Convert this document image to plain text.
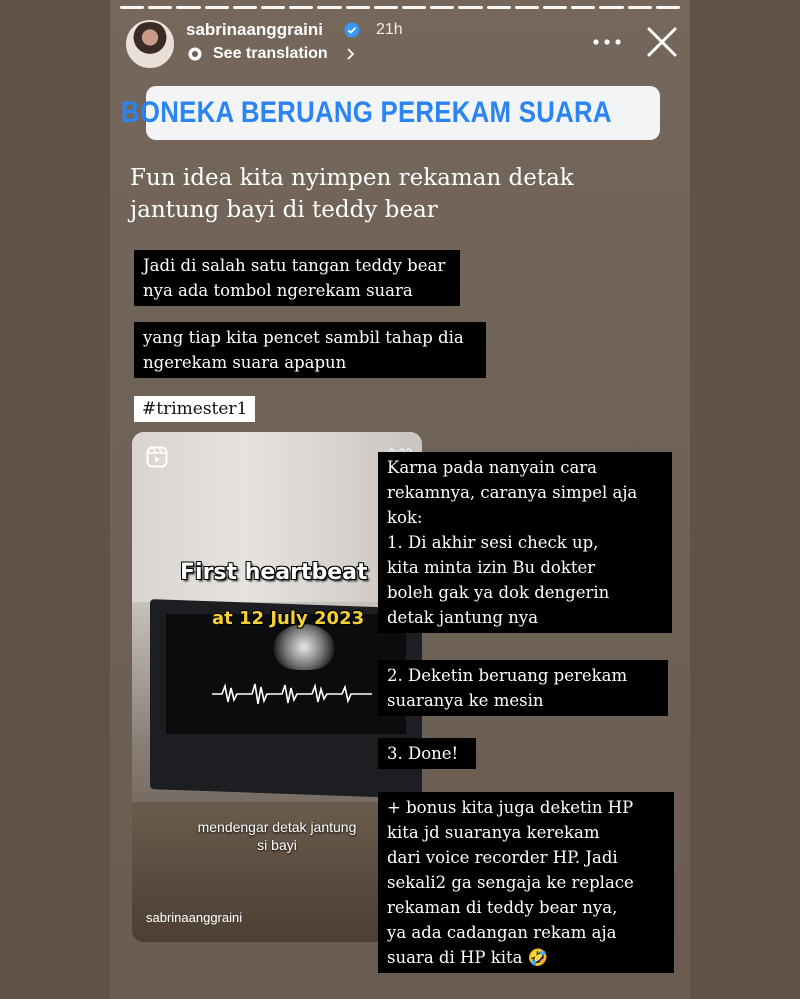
sabrinaanggraini	21h
See translation
BONEKA BERUANG PEREKAM SUARA
Fun idea kita nyimpen rekaman detak
jantung bayi di teddy bear

Jadi di salah satu tangan teddy bear

nya ada tombol ngerekam suara

yang tiap kita pencet sambil tahap dia

ngerekam suara apapun

#trimester1
First heartbeat
at 12 July 2023
mendengar detak jantung
si bayi
sabrinaanggraini

Karna pada nanyain cara

rekamnya, caranya simpel aja

kok:

1. Di akhir sesi check up,

kita minta izin Bu dokter

boleh gak ya dok dengerin

detak jantung nya

2. Deketin beruang perekam

suaranya ke mesin

3. Done!

+ bonus kita juga deketin HP

kita jd suaranya kerekam

dari voice recorder HP. Jadi

sekali2 ga sengaja ke replace

rekaman di teddy bear nya,

ya ada cadangan rekam aja

suara di HP kita 🤣
